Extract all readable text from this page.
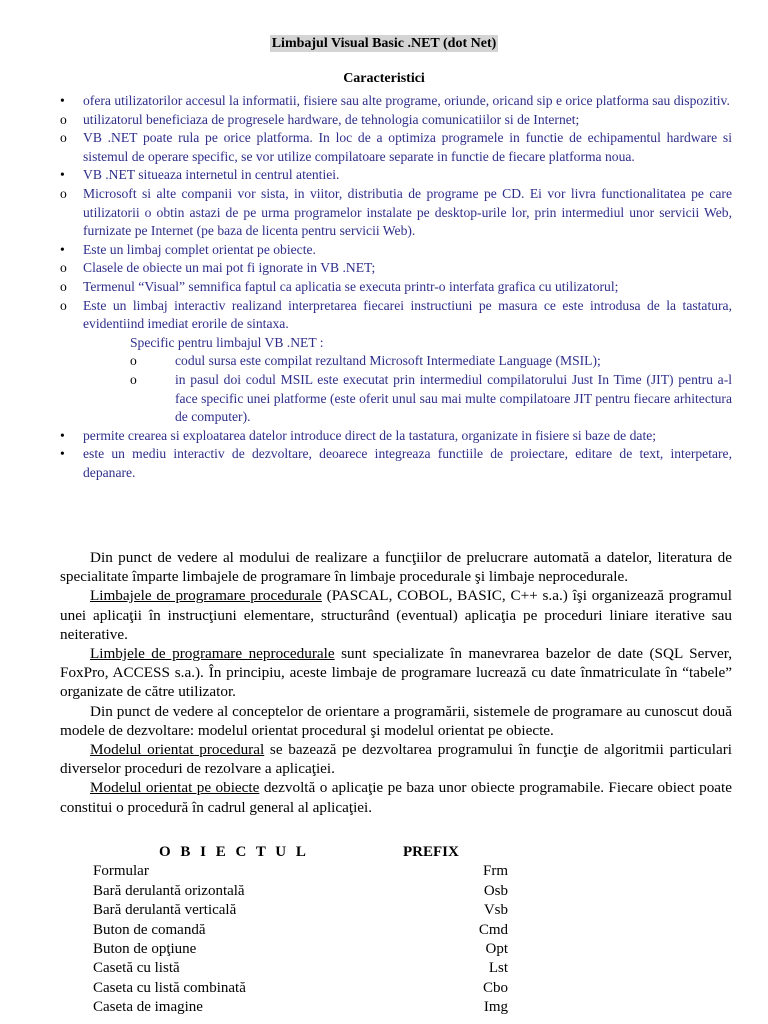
Limbajul Visual Basic .NET (dot Net)
Caracteristici
•	ofera utilizatorilor accesul la informatii, fisiere sau alte programe, oriunde, oricand sip e orice platforma sau dispozitiv.
o	utilizatorul beneficiaza de progresele hardware, de tehnologia comunicatiilor si de Internet;
o	VB .NET poate rula pe orice platforma. In loc de a optimiza programele in functie de echipamentul hardware si sistemul de operare specific, se vor utilize compilatoare separate in functie de fiecare platforma noua.
•	VB .NET situeaza internetul in centrul atentiei.
o	Microsoft si alte companii vor sista, in viitor, distributia de programe pe CD. Ei vor livra functionalitatea pe care utilizatorii o obtin astazi de pe urma programelor instalate pe desktop-urile lor, prin intermediul unor servicii Web, furnizate pe Internet (pe baza de licenta pentru servicii Web).
•	Este un limbaj complet orientat pe obiecte.
o	Clasele de obiecte un mai pot fi ignorate in VB .NET;
o	Termenul “Visual” semnifica faptul ca aplicatia se executa printr-o interfata grafica cu utilizatorul;
o	Este un limbaj interactiv realizand interpretarea fiecarei instructiuni pe masura ce este introdusa de la tastatura, evidentiind imediat erorile de sintaxa.
Specific pentru limbajul VB .NET :
o	codul sursa este compilat rezultand Microsoft Intermediate Language (MSIL);
o	in pasul doi codul MSIL este executat prin intermediul compilatorului Just In Time (JIT) pentru a-l face specific unei platforme (este oferit unul sau mai multe compilatoare JIT pentru fiecare arhitectura de computer).
•	permite crearea si exploatarea datelor introduce direct de la tastatura, organizate in fisiere si baze de date;
•	este un mediu interactiv de dezvoltare, deoarece integreaza functiile de proiectare, editare de text, interpetare, depanare.

Din punct de vedere al modului de realizare a funcţiilor de prelucrare automată a datelor, literatura de specialitate împarte limbajele de programare în limbaje procedurale şi limbaje neprocedurale.

Limbajele de programare procedurale (PASCAL, COBOL, BASIC, C++ s.a.) îşi organizează programul unei aplicaţii în instrucţiuni elementare, structurând (eventual) aplicaţia pe proceduri liniare iterative sau neiterative.

Limbjele de programare neprocedurale sunt specializate în manevrarea bazelor de date (SQL Server, FoxPro, ACCESS s.a.). În principiu, aceste limbaje de programare lucrează cu date înmatriculate în “tabele” organizate de către utilizator.

Din punct de vedere al conceptelor de orientare a programării, sistemele de programare au cunoscut două modele de dezvoltare: modelul orientat procedural şi modelul orientat pe obiecte.

Modelul orientat procedural se bazează pe dezvoltarea programului în funcţie de algoritmii particulari diverselor proceduri de rezolvare a aplicaţiei.

Modelul orientat pe obiecte dezvoltă o aplicaţie pe baza unor obiecte programabile. Fiecare obiect poate constitui o procedură în cadrul general al aplicaţiei.

O B I E C T U L	PREFIX
Formular	Frm
Bară derulantă orizontală	Osb
Bară derulantă verticală	Vsb
Buton de comandă	Cmd
Buton de opţiune	Opt
Casetă cu listă	Lst
Caseta cu listă combinată	Cbo
Caseta de imagine	Img
